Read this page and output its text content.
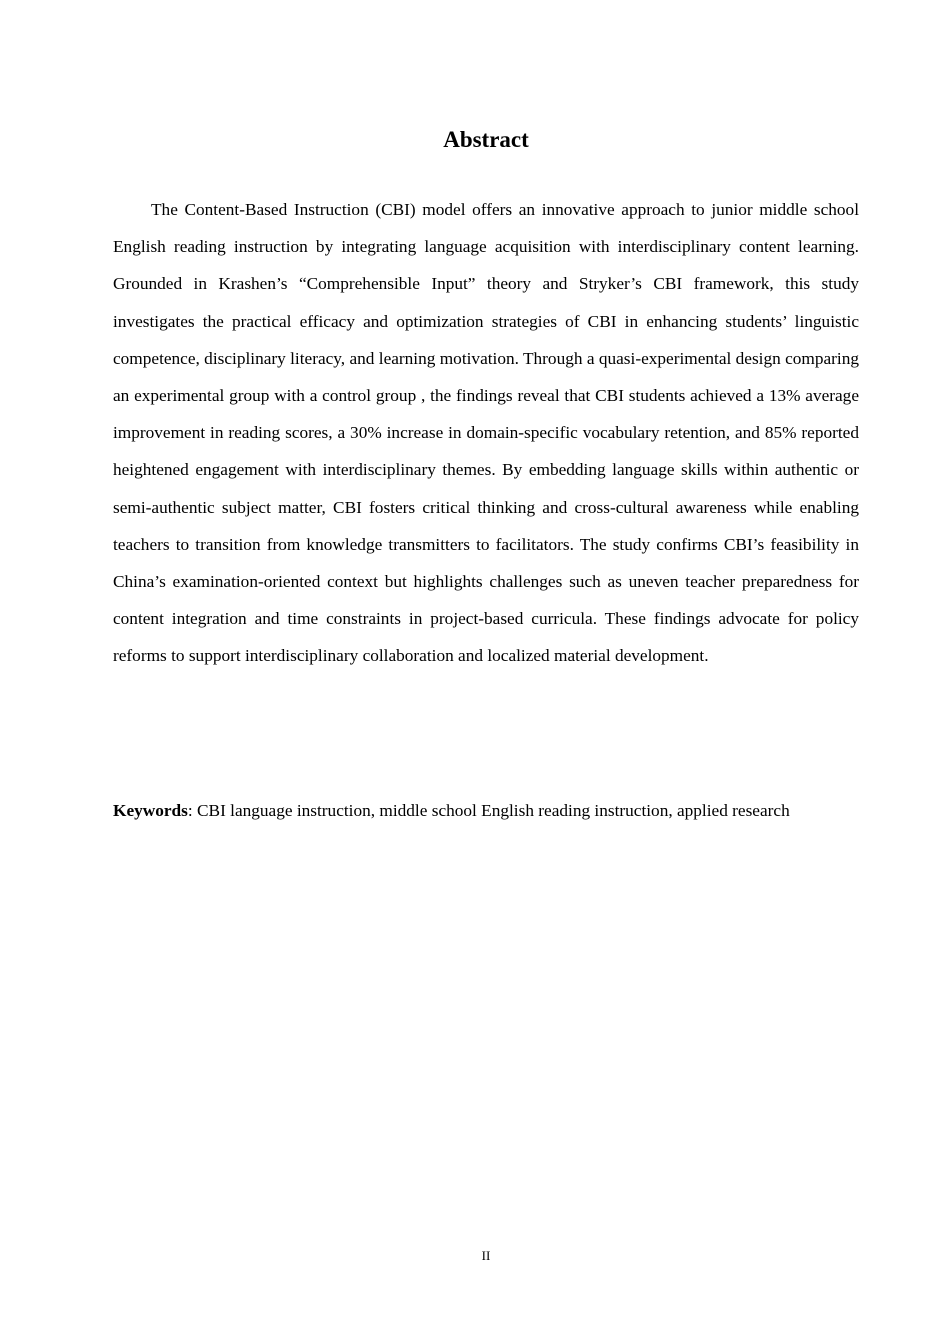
Abstract

The Content-Based Instruction (CBI) model offers an innovative approach to junior middle school English reading instruction by integrating language acquisition with interdisciplinary content learning. Grounded in Krashen’s “Comprehensible Input” theory and Stryker’s CBI framework, this study investigates the practical efficacy and optimization strategies of CBI in enhancing students’ linguistic competence, disciplinary literacy, and learning motivation. Through a quasi-experimental design comparing an experimental group with a control group , the findings reveal that CBI students achieved a 13% average improvement in reading scores, a 30% increase in domain-specific vocabulary retention, and 85% reported heightened engagement with interdisciplinary themes. By embedding language skills within authentic or semi-authentic subject matter, CBI fosters critical thinking and cross-cultural awareness while enabling teachers to transition from knowledge transmitters to facilitators. The study confirms CBI’s feasibility in China’s examination-oriented context but highlights challenges such as uneven teacher preparedness for content integration and time constraints in project-based curricula. These findings advocate for policy reforms to support interdisciplinary collaboration and localized material development.

Keywords: CBI language instruction, middle school English reading instruction, applied research

II
